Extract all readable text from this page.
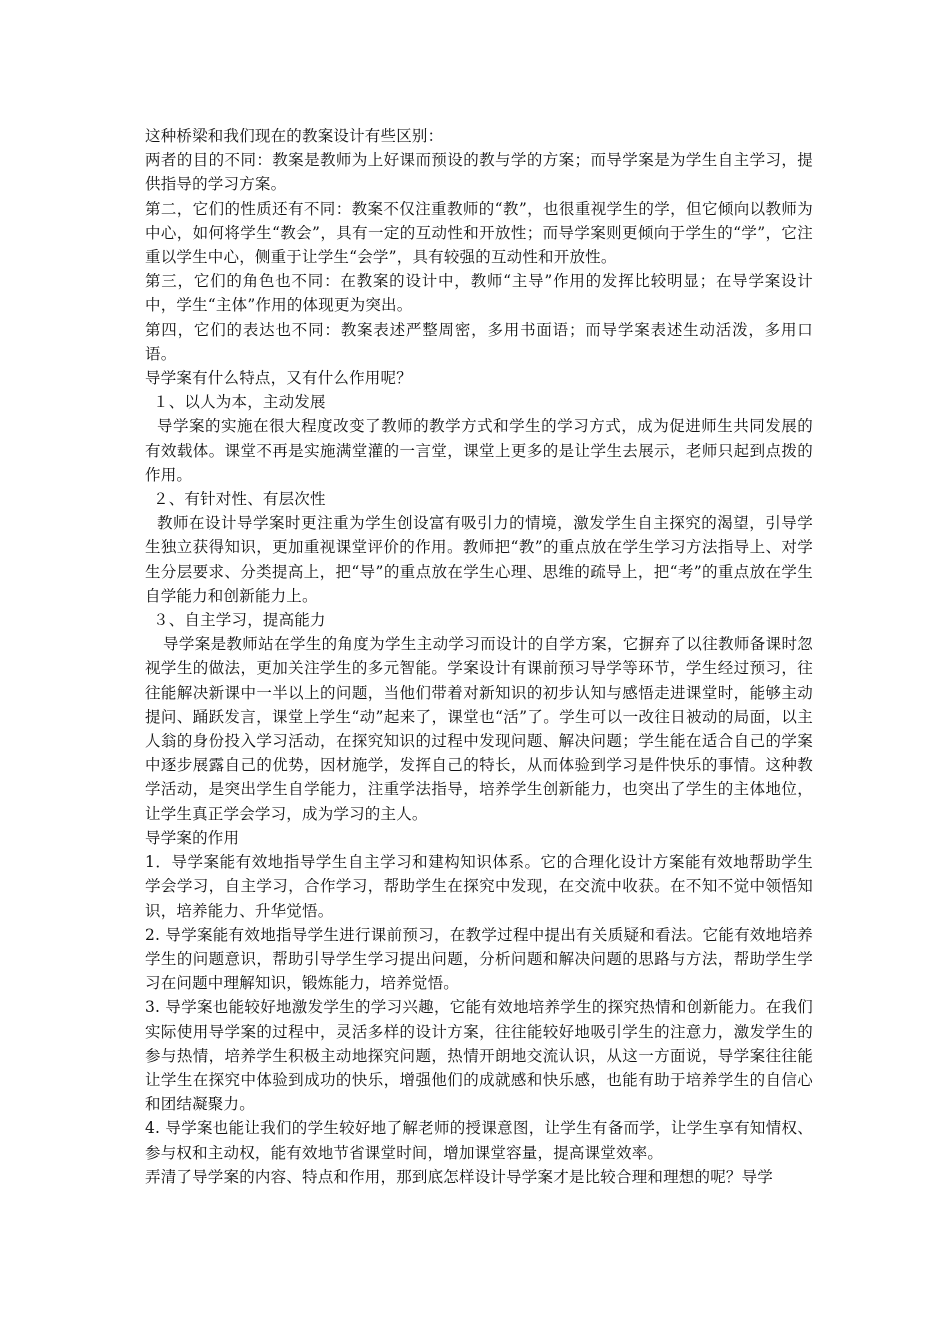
这种桥梁和我们现在的教案设计有些区别：

两者的目的不同：教案是教师为上好课而预设的教与学的方案；而导学案是为学生自主学习，提供指导的学习方案。

第二，它们的性质还有不同：教案不仅注重教师的“教”，也很重视学生的学，但它倾向以教师为中心，如何将学生“教会”，具有一定的互动性和开放性；而导学案则更倾向于学生的“学”，它注重以学生中心，侧重于让学生“会学”，具有较强的互动性和开放性。

第三，它们的角色也不同：在教案的设计中，教师“主导”作用的发挥比较明显；在导学案设计中，学生“主体”作用的体现更为突出。

第四，它们的表达也不同：教案表述严整周密，多用书面语；而导学案表述生动活泼，多用口语。

导学案有什么特点，又有什么作用呢？

１、以人为本，主动发展

导学案的实施在很大程度改变了教师的教学方式和学生的学习方式，成为促进师生共同发展的有效载体。课堂不再是实施满堂灌的一言堂，课堂上更多的是让学生去展示，老师只起到点拨的作用。

２、有针对性、有层次性

教师在设计导学案时更注重为学生创设富有吸引力的情境，激发学生自主探究的渴望，引导学生独立获得知识，更加重视课堂评价的作用。教师把“教”的重点放在学生学习方法指导上、对学生分层要求、分类提高上，把“导”的重点放在学生心理、思维的疏导上，把“考”的重点放在学生自学能力和创新能力上。

３、自主学习，提高能力

导学案是教师站在学生的角度为学生主动学习而设计的自学方案，它摒弃了以往教师备课时忽视学生的做法，更加关注学生的多元智能。学案设计有课前预习导学等环节，学生经过预习，往往能解决新课中一半以上的问题，当他们带着对新知识的初步认知与感悟走进课堂时，能够主动提问、踊跃发言，课堂上学生“动”起来了，课堂也“活”了。学生可以一改往日被动的局面，以主人翁的身份投入学习活动，在探究知识的过程中发现问题、解决问题；学生能在适合自己的学案中逐步展露自己的优势，因材施学，发挥自己的特长，从而体验到学习是件快乐的事情。这种教学活动，是突出学生自学能力，注重学法指导，培养学生创新能力，也突出了学生的主体地位，让学生真正学会学习，成为学习的主人。

导学案的作用

1．导学案能有效地指导学生自主学习和建构知识体系。它的合理化设计方案能有效地帮助学生学会学习，自主学习，合作学习，帮助学生在探究中发现，在交流中收获。在不知不觉中领悟知识，培养能力、升华觉悟。

2. 导学案能有效地指导学生进行课前预习，在教学过程中提出有关质疑和看法。它能有效地培养学生的问题意识，帮助引导学生学习提出问题，分析问题和解决问题的思路与方法，帮助学生学习在问题中理解知识，锻炼能力，培养觉悟。

3. 导学案也能较好地激发学生的学习兴趣，它能有效地培养学生的探究热情和创新能力。在我们实际使用导学案的过程中，灵活多样的设计方案，往往能较好地吸引学生的注意力，激发学生的参与热情，培养学生积极主动地探究问题，热情开朗地交流认识，从这一方面说，导学案往往能让学生在探究中体验到成功的快乐，增强他们的成就感和快乐感，也能有助于培养学生的自信心和团结凝聚力。

4. 导学案也能让我们的学生较好地了解老师的授课意图，让学生有备而学，让学生享有知情权、参与权和主动权，能有效地节省课堂时间，增加课堂容量，提高课堂效率。

弄清了导学案的内容、特点和作用，那到底怎样设计导学案才是比较合理和理想的呢？导学
